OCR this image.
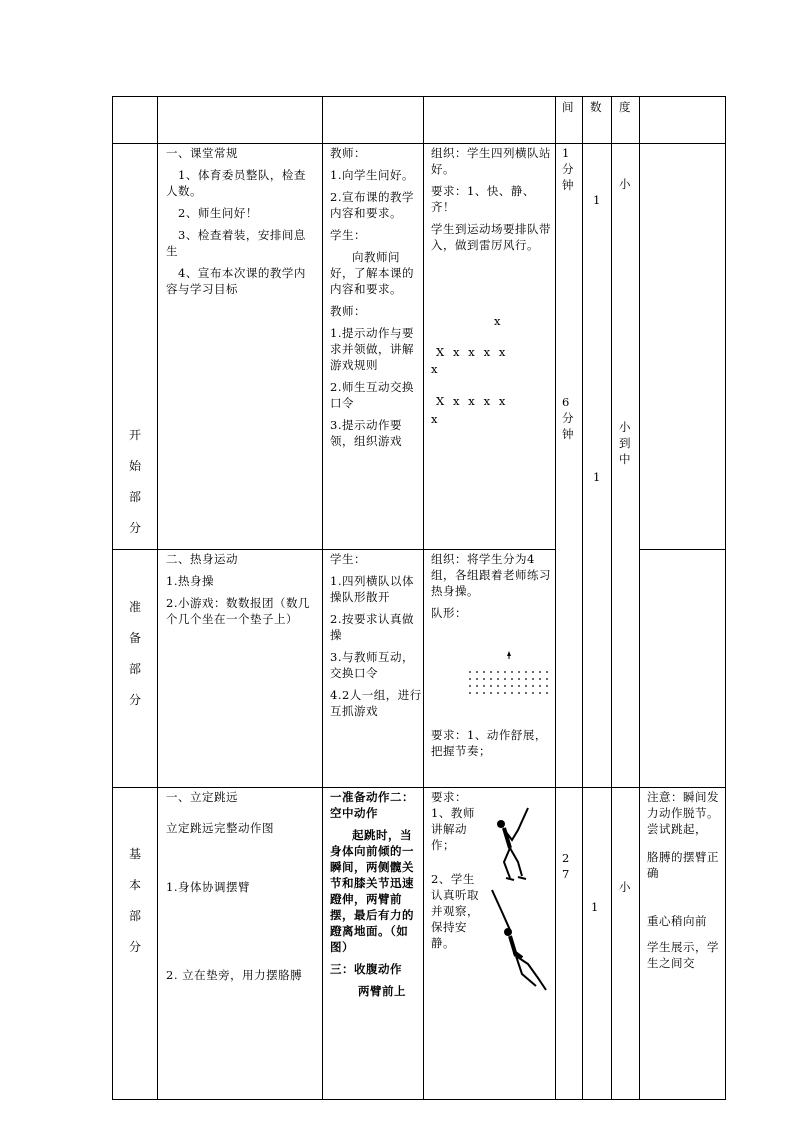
间 数 度
开
始
部
分

一、课堂常规

1、体育委员整队，检查人数。

2、师生问好！

3、检查着装，安排间息生

4、宣布本次课的教学内容与学习目标

教师：

1.向学生问好。

2.宣布课的教学内容和要求。

学生：

向教师问好，了解本课的内容和要求。

教师：

1.提示动作与要求并领做，讲解游戏规则

2.师生互动交换口令

3.提示动作要领，组织游戏

组织：学生四列横队站好。

要求：1、快、静、齐！

学生到运动场要排队带入，做到雷厉风行。

x
X  x  x  x  x
x
X  x  x  x  x
x
1分钟
6分钟
1
1
小
小到中
准
备
部
分

二、热身运动

1.热身操

2.小游戏：数数报团（数几个几个坐在一个垫子上）

学生：

1.四列横队以体操队形散开

2.按要求认真做操

3.与教师互动，交换口令

4.2人一组，进行互抓游戏

组织：将学生分为4组，各组跟着老师练习热身操。

队形：

要求：1、动作舒展，把握节奏；
基
本
部
分
一、立定跳远
立定跳远完整动作图
1.身体协调摆臂
2. 立在垫旁，用力摆胳膊

一准备动作二：空中动作

起跳时，当身体向前倾的一瞬间，两侧髋关节和膝关节迅速蹬伸，两臂前摆，最后有力的蹬离地面。（如图）

三：收腹动作

两臂前上

要求：1、教师讲解动作；
2、学生认真听取并观察，保持安静。
2 7
1
小

注意：瞬间发力动作脱节。 尝试跳起，

胳膊的摆臂正确

重心稍向前

学生展示，学生之间交
